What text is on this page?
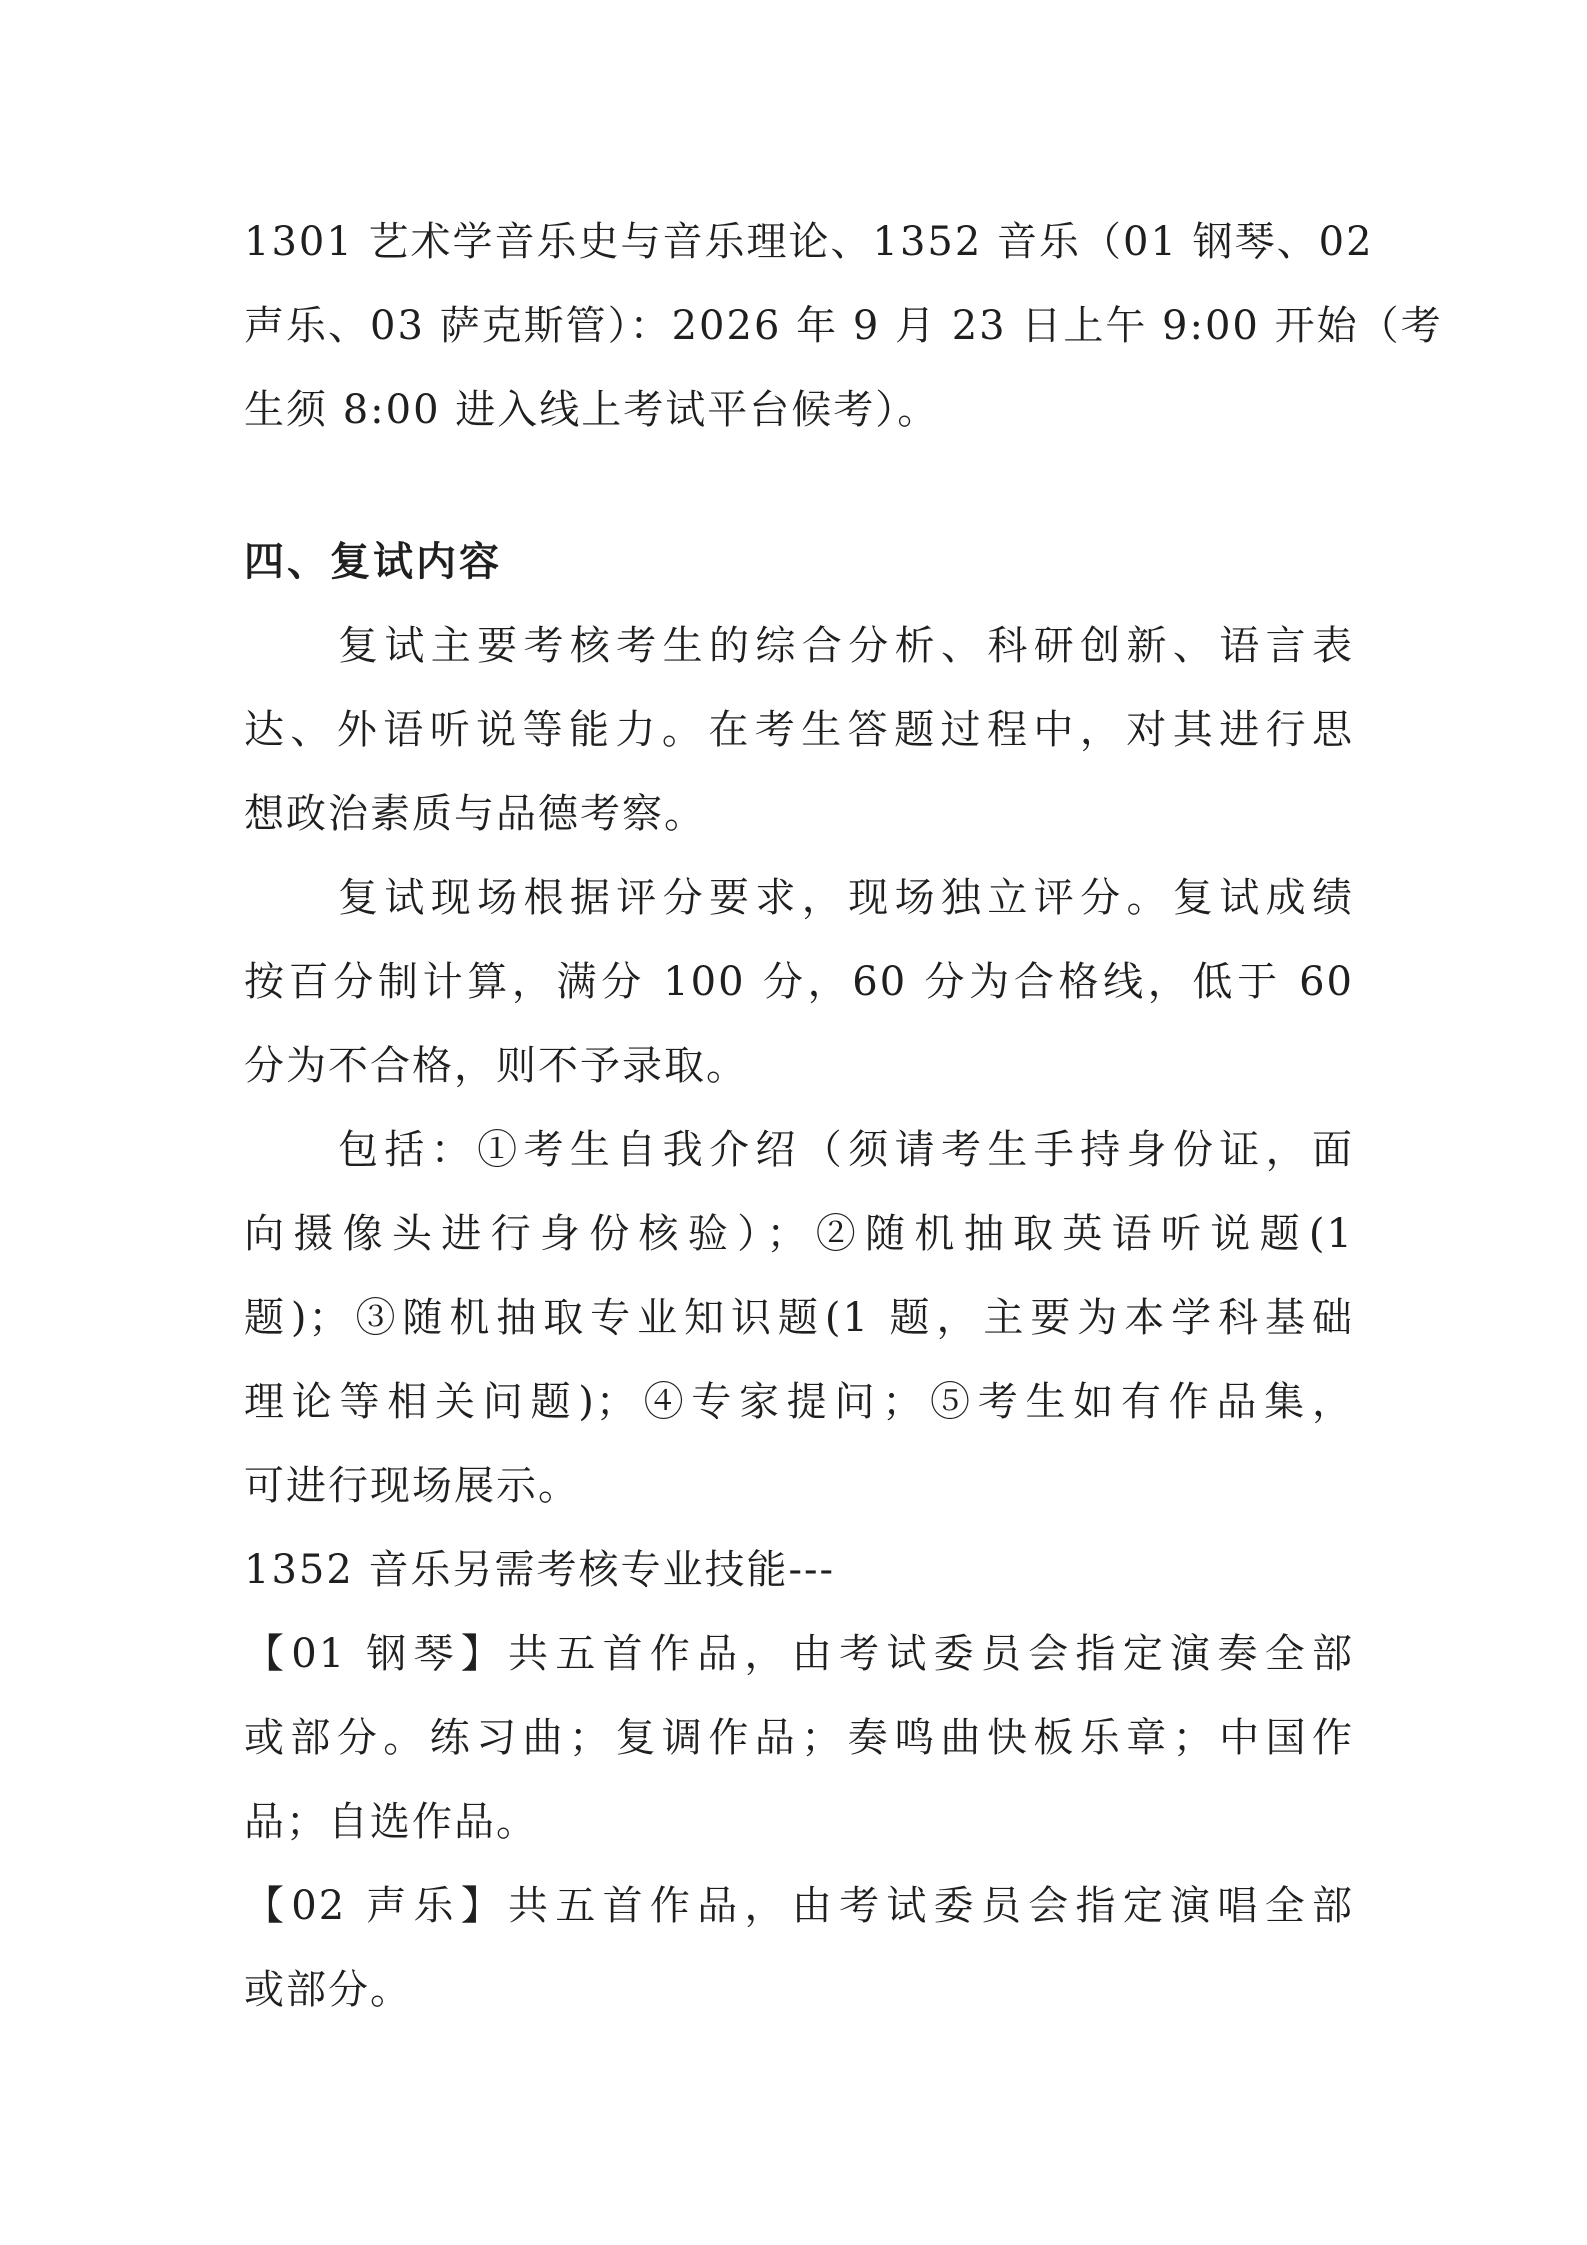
1301 艺术学音乐史与音乐理论、1352 音乐（01 钢琴、02
声乐、03 萨克斯管）：2026 年 9 月 23 日上午 9:00 开始（考
生须 8:00 进入线上考试平台候考）。
四、复试内容
复试主要考核考生的综合分析、科研创新、语言表
达、外语听说等能力。在考生答题过程中，对其进行思
想政治素质与品德考察。
复试现场根据评分要求，现场独立评分。复试成绩
按百分制计算，满分 100 分，60 分为合格线，低于 60
分为不合格，则不予录取。
包括：①考生自我介绍（须请考生手持身份证，面
向摄像头进行身份核验）；②随机抽取英语听说题(1
题)；③随机抽取专业知识题(1 题，主要为本学科基础
理论等相关问题)；④专家提问；⑤考生如有作品集，
可进行现场展示。
1352 音乐另需考核专业技能---
【01 钢琴】共五首作品，由考试委员会指定演奏全部
或部分。练习曲；复调作品；奏鸣曲快板乐章；中国作
品；自选作品。
【02 声乐】共五首作品，由考试委员会指定演唱全部
或部分。
